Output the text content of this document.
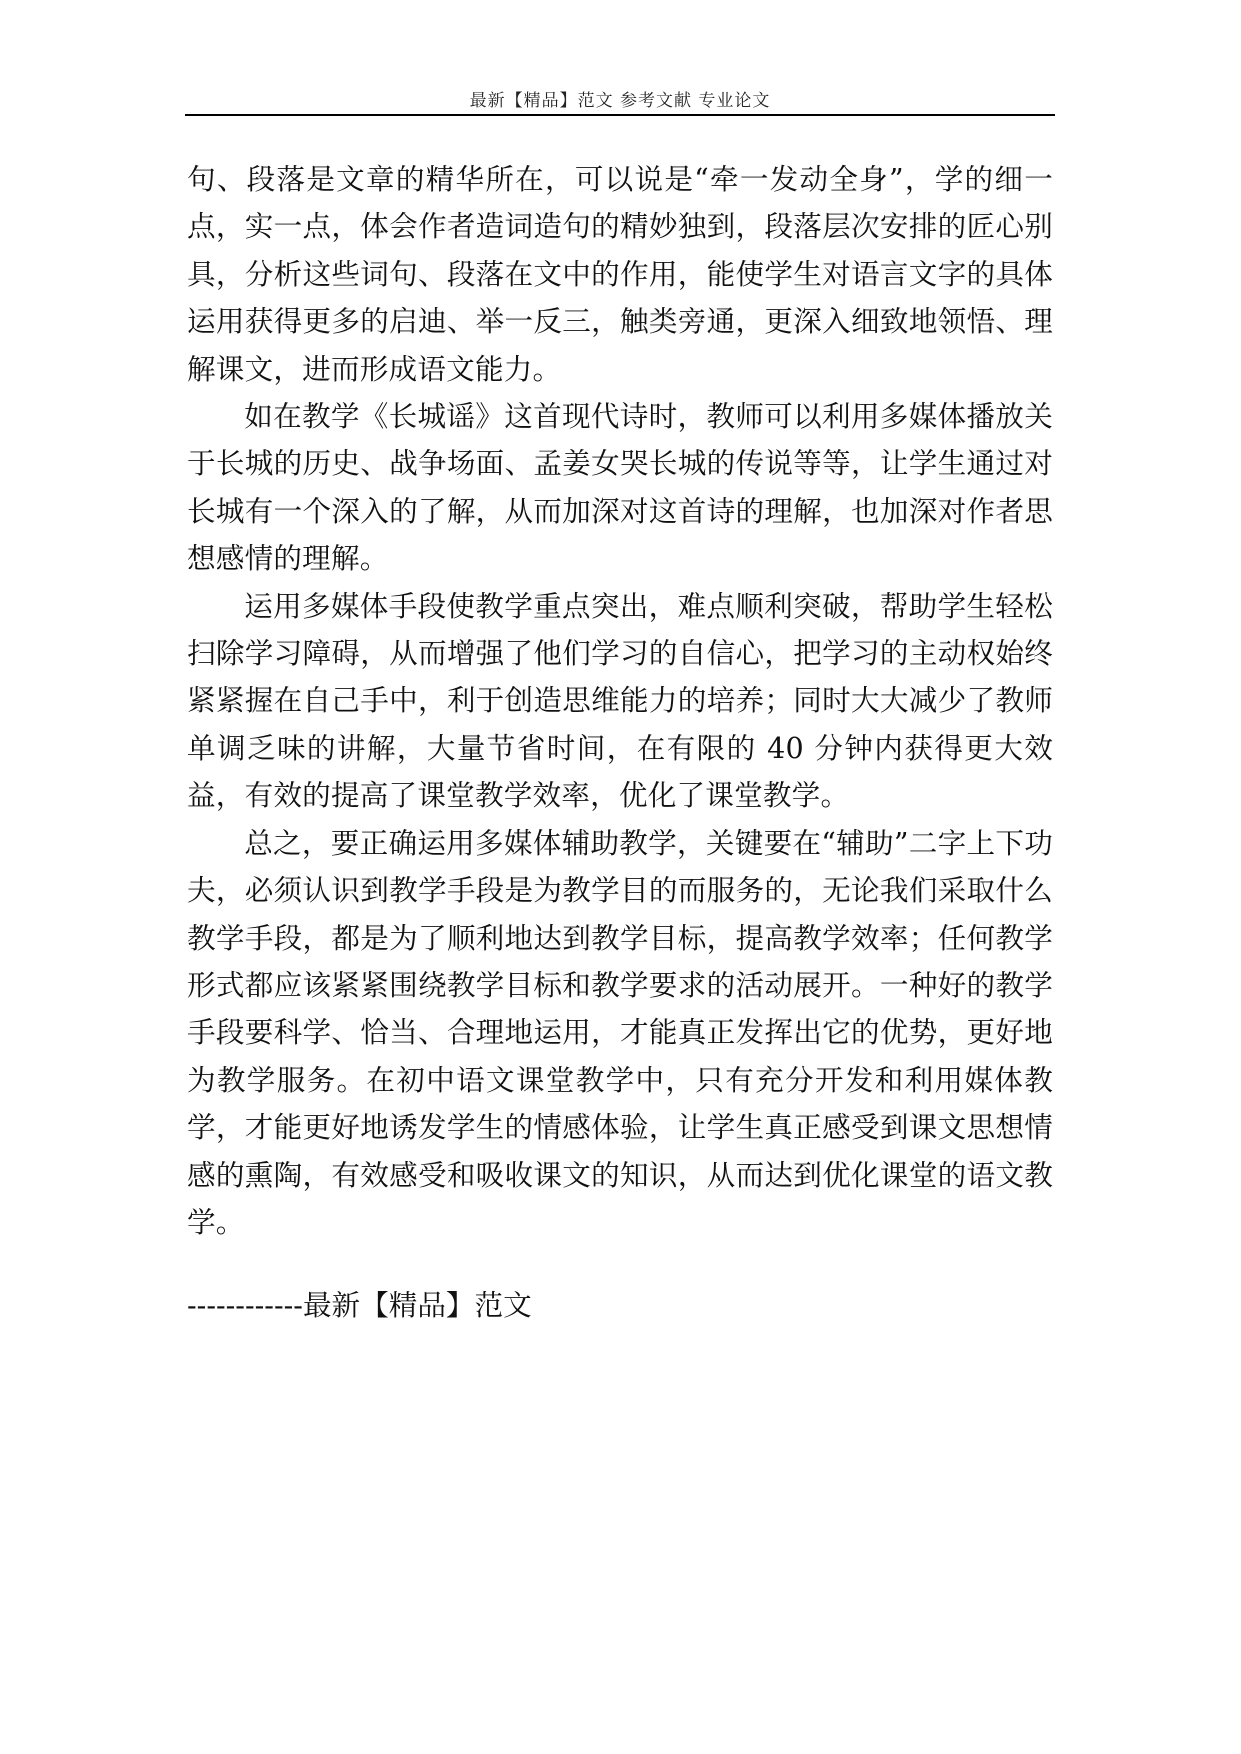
最新【精品】范文 参考文献 专业论文

句、段落是文章的精华所在，可以说是“牵一发动全身”，学的细一点，实一点，体会作者造词造句的精妙独到，段落层次安排的匠心别具，分析这些词句、段落在文中的作用，能使学生对语言文字的具体运用获得更多的启迪、举一反三，触类旁通，更深入细致地领悟、理解课文，进而形成语文能力。

如在教学《长城谣》这首现代诗时，教师可以利用多媒体播放关于长城的历史、战争场面、孟姜女哭长城的传说等等，让学生通过对长城有一个深入的了解，从而加深对这首诗的理解，也加深对作者思想感情的理解。

运用多媒体手段使教学重点突出，难点顺利突破，帮助学生轻松扫除学习障碍，从而增强了他们学习的自信心，把学习的主动权始终紧紧握在自己手中，利于创造思维能力的培养；同时大大减少了教师单调乏味的讲解，大量节省时间，在有限的 40 分钟内获得更大效益，有效的提高了课堂教学效率，优化了课堂教学。

总之，要正确运用多媒体辅助教学，关键要在“辅助”二字上下功夫，必须认识到教学手段是为教学目的而服务的，无论我们采取什么教学手段，都是为了顺利地达到教学目标，提高教学效率；任何教学形式都应该紧紧围绕教学目标和教学要求的活动展开。一种好的教学手段要科学、恰当、合理地运用，才能真正发挥出它的优势，更好地为教学服务。在初中语文课堂教学中，只有充分开发和利用媒体教学，才能更好地诱发学生的情感体验，让学生真正感受到课文思想情感的熏陶，有效感受和吸收课文的知识，从而达到优化课堂的语文教学。

------------最新【精品】范文
